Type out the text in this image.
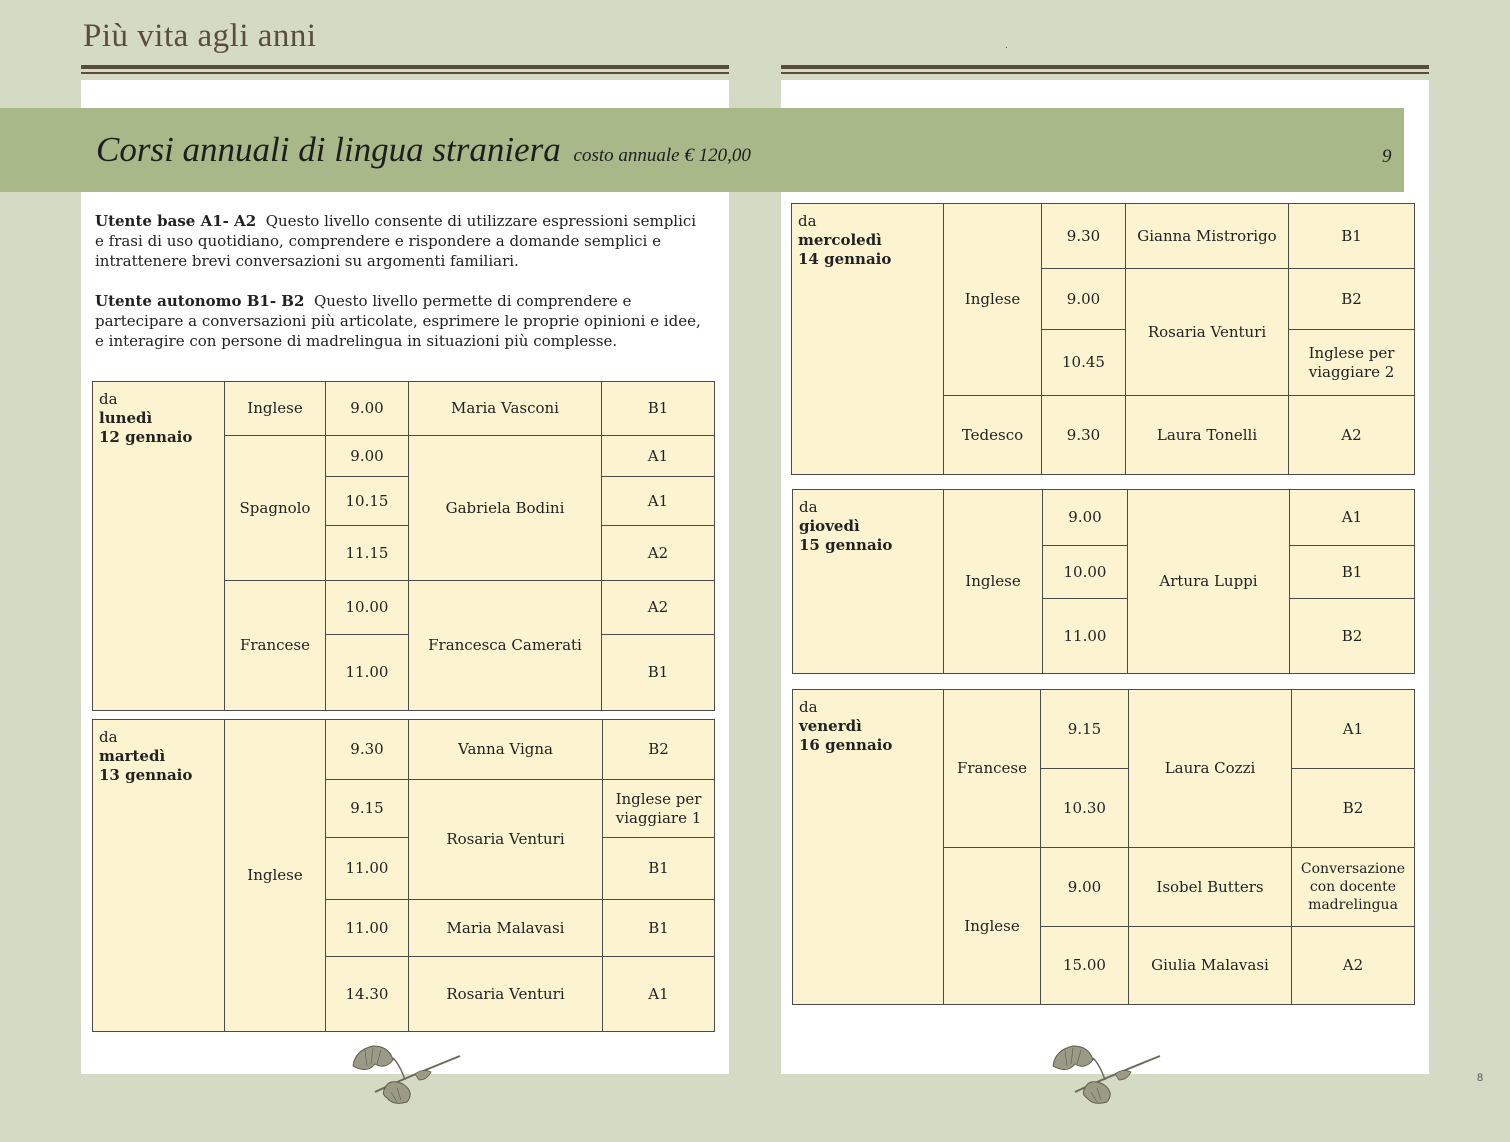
Più vita agli anni	.
Corsi annuali di lingua straniera costo annuale € 120,00	9
Utente base A1- A2 Questo livello consente di utilizzare espressioni semplici e frasi di uso quotidiano, comprendere e rispondere a domande semplici e intrattenere brevi conversazioni su argomenti familiari.
Utente autonomo B1- B2 Questo livello permette di comprendere e partecipare a conversazioni più articolate, esprimere le proprie opinioni e idee, e interagire con persone di madrelingua in situazioni più complesse.
da
lunedì
12 gennaio	Inglese	9.00	Maria Vasconi	B1
	Spagnolo	9.00	Gabriela Bodini	A1
		10.15		A1
		11.15		A2
	Francese	10.00	Francesca Camerati	A2
		11.00		B1
da
martedì
13 gennaio	Inglese	9.30	Vanna Vigna	B2
		9.15	Rosaria Venturi	Inglese per viaggiare 1
		11.00		B1
		11.00	Maria Malavasi	B1
		14.30	Rosaria Venturi	A1
da
mercoledì
14 gennaio	Inglese	9.30	Gianna Mistrorigo	B1
		9.00	Rosaria Venturi	B2
		10.45		Inglese per viaggiare 2
	Tedesco	9.30	Laura Tonelli	A2
da
giovedì
15 gennaio	Inglese	9.00	Artura Luppi	A1
		10.00		B1
		11.00		B2
da
venerdì
16 gennaio	Francese	9.15	Laura Cozzi	A1
		10.30		B2
	Inglese	9.00	Isobel Butters	Conversazione con docente madrelingua
		15.00	Giulia Malavasi	A2
8
